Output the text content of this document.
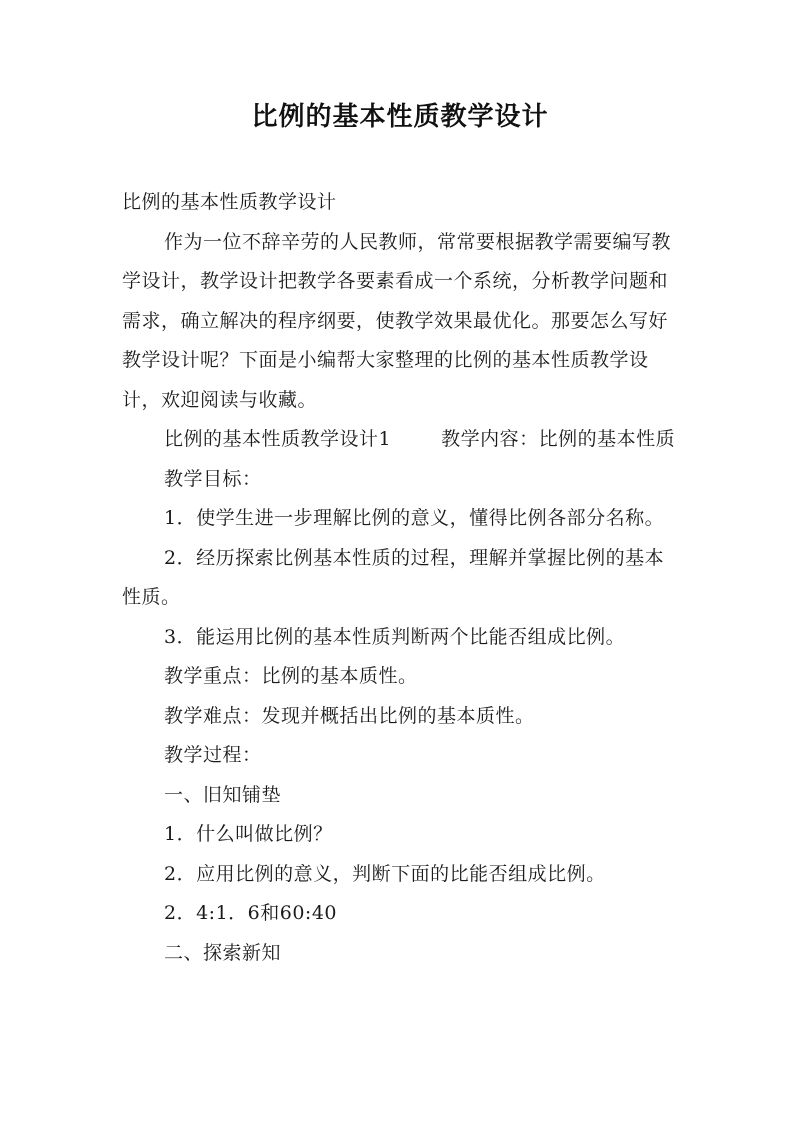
比例的基本性质教学设计

比例的基本性质教学设计

作为一位不辞辛劳的人民教师，常常要根据教学需要编写教学设计，教学设计把教学各要素看成一个系统，分析教学问题和需求，确立解决的程序纲要，使教学效果最优化。那要怎么写好教学设计呢？下面是小编帮大家整理的比例的基本性质教学设计，欢迎阅读与收藏。

比例的基本性质教学设计1	教学内容：比例的基本性质

教学目标：

1．使学生进一步理解比例的意义，懂得比例各部分名称。

2．经历探索比例基本性质的过程，理解并掌握比例的基本性质。

3．能运用比例的基本性质判断两个比能否组成比例。

教学重点：比例的基本质性。

教学难点：发现并概括出比例的基本质性。

教学过程：

一、旧知铺垫

1．什么叫做比例？

2．应用比例的意义，判断下面的比能否组成比例。

2．4:1．6和60:40

二、探索新知
